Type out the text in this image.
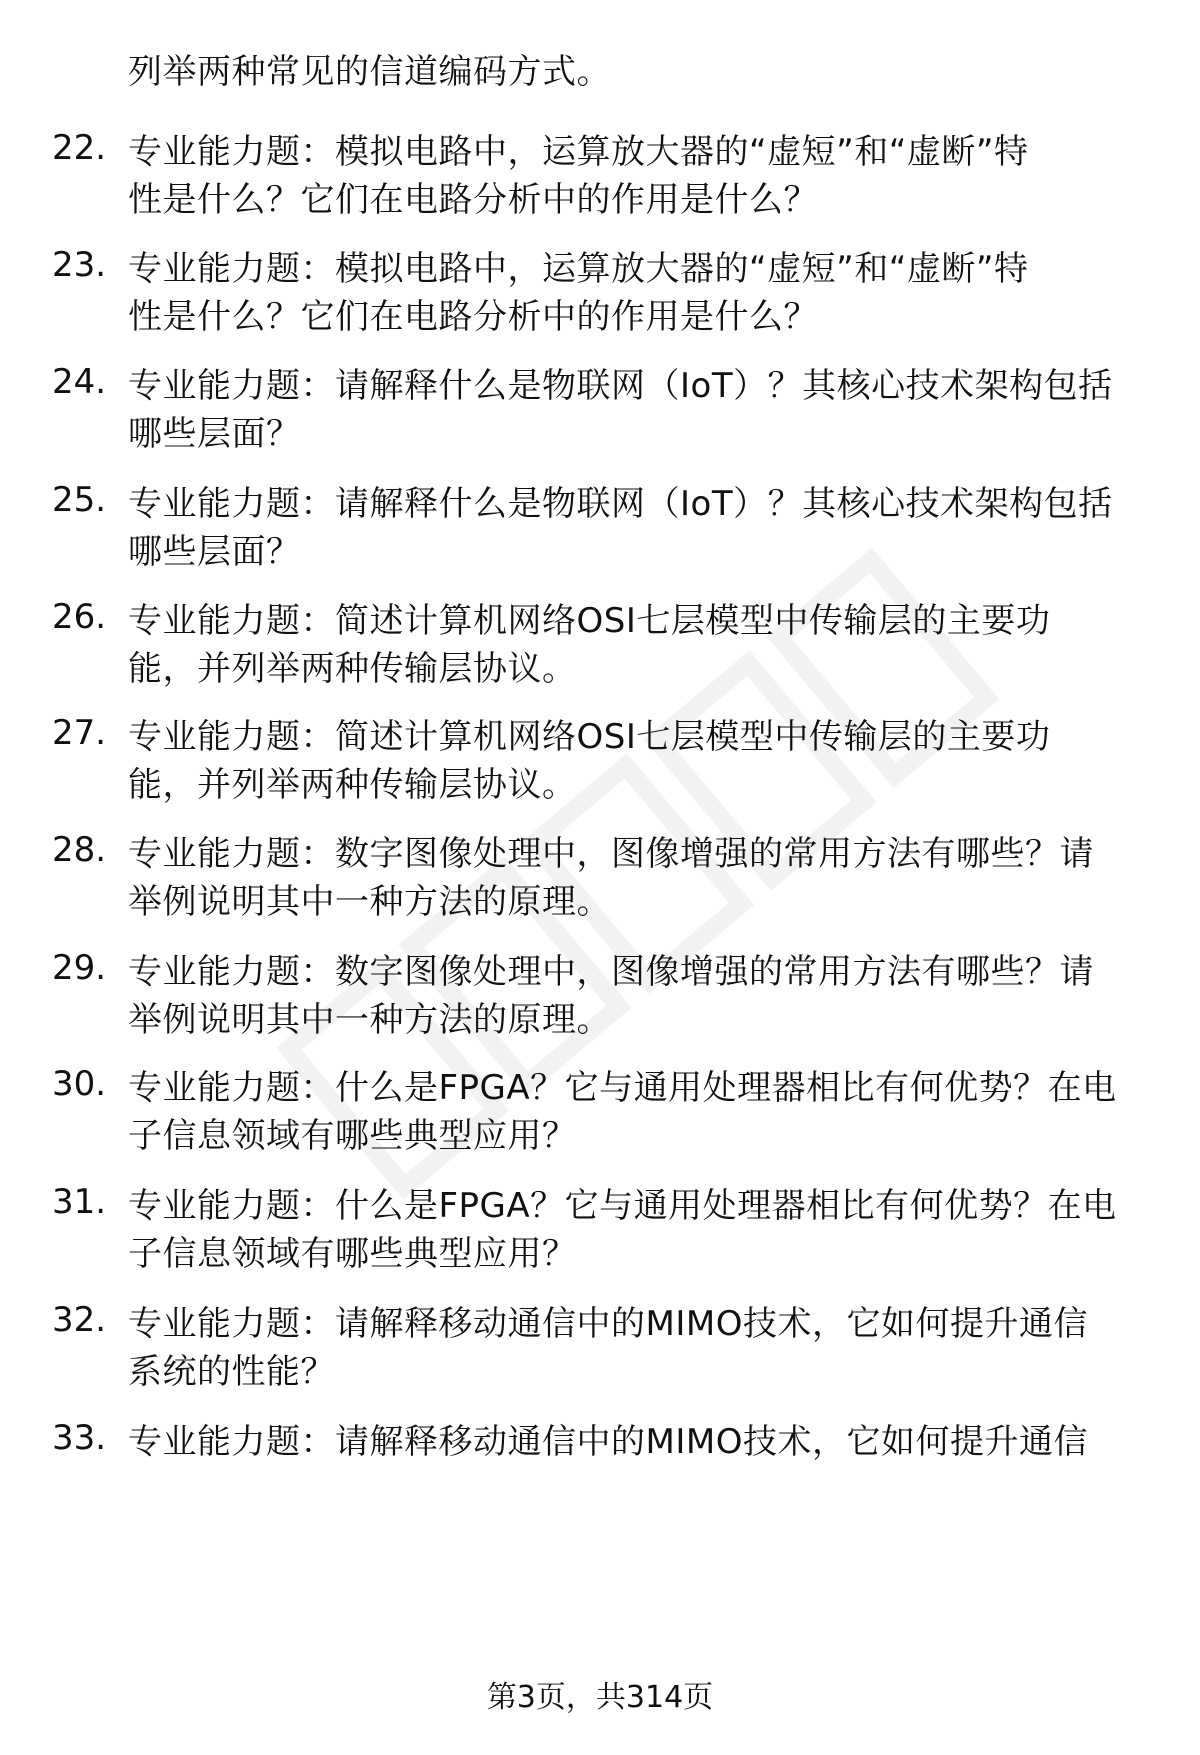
列举两种常见的信道编码方式。
22. 专业能力题：模拟电路中，运算放大器的“虚短”和“虚断”特
性是什么？它们在电路分析中的作用是什么？
23. 专业能力题：模拟电路中，运算放大器的“虚短”和“虚断”特
性是什么？它们在电路分析中的作用是什么？
24. 专业能力题：请解释什么是物联网（IoT）？其核心技术架构包括
哪些层面？
25. 专业能力题：请解释什么是物联网（IoT）？其核心技术架构包括
哪些层面？
26. 专业能力题：简述计算机网络OSI七层模型中传输层的主要功
能，并列举两种传输层协议。
27. 专业能力题：简述计算机网络OSI七层模型中传输层的主要功
能，并列举两种传输层协议。
28. 专业能力题：数字图像处理中，图像增强的常用方法有哪些？请
举例说明其中一种方法的原理。
29. 专业能力题：数字图像处理中，图像增强的常用方法有哪些？请
举例说明其中一种方法的原理。
30. 专业能力题：什么是FPGA？它与通用处理器相比有何优势？在电
子信息领域有哪些典型应用？
31. 专业能力题：什么是FPGA？它与通用处理器相比有何优势？在电
子信息领域有哪些典型应用？
32. 专业能力题：请解释移动通信中的MIMO技术，它如何提升通信
系统的性能？
33. 专业能力题：请解释移动通信中的MIMO技术，它如何提升通信
第3页，共314页
